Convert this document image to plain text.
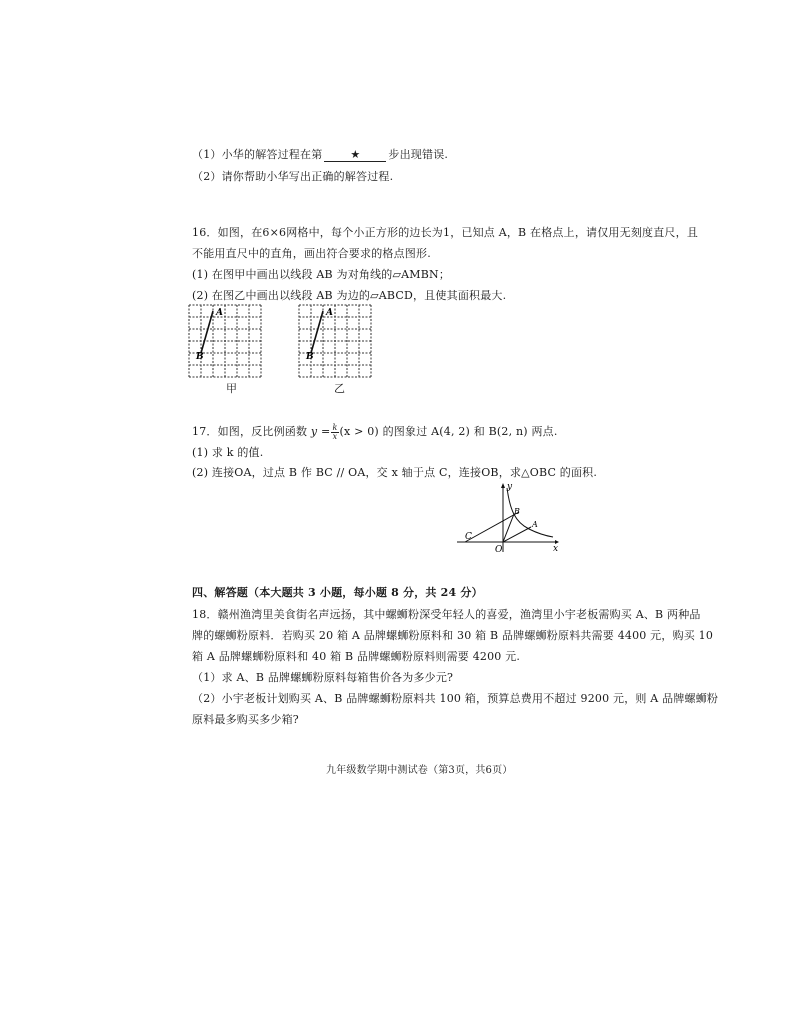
（1）小华的解答过程在第	★	步出现错误.
（2）请你帮助小华写出正确的解答过程.
16．如图，在6×6网格中，每个小正方形的边长为1，已知点 A，B 在格点上，请仅用无刻度直尺，且
不能用直尺中的直角，画出符合要求的格点图形.
(1) 在图甲中画出以线段 AB 为对角线的▱AMBN；
(2) 在图乙中画出以线段 AB 为边的▱ABCD，且使其面积最大.
A
B
甲
A
B
乙
17．如图，反比例函数 $y = \frac{k}{x} (x > 0)$ 的图象过 A(4, 2) 和 B(2, n) 两点.
(1) 求 k 的值.
(2) 连接OA，过点 B 作 BC // OA，交 x 轴于点 C，连接OB，求△OBC 的面积.
y
x
O
A
B
C
四、解答题（本大题共 3 小题，每小题 8 分，共 24 分）
18．赣州渔湾里美食街名声远扬，其中螺蛳粉深受年轻人的喜爱，渔湾里小宇老板需购买 A、B 两种品
牌的螺蛳粉原料．若购买 20 箱 A 品牌螺蛳粉原料和 30 箱 B 品牌螺蛳粉原料共需要 4400 元，购买 10
箱 A 品牌螺蛳粉原料和 40 箱 B 品牌螺蛳粉原料则需要 4200 元.
（1）求 A、B 品牌螺蛳粉原料每箱售价各为多少元?
（2）小宇老板计划购买 A、B 品牌螺蛳粉原料共 100 箱，预算总费用不超过 9200 元，则 A 品牌螺蛳粉
原料最多购买多少箱?
九年级数学期中测试卷（第3页，共6页）
